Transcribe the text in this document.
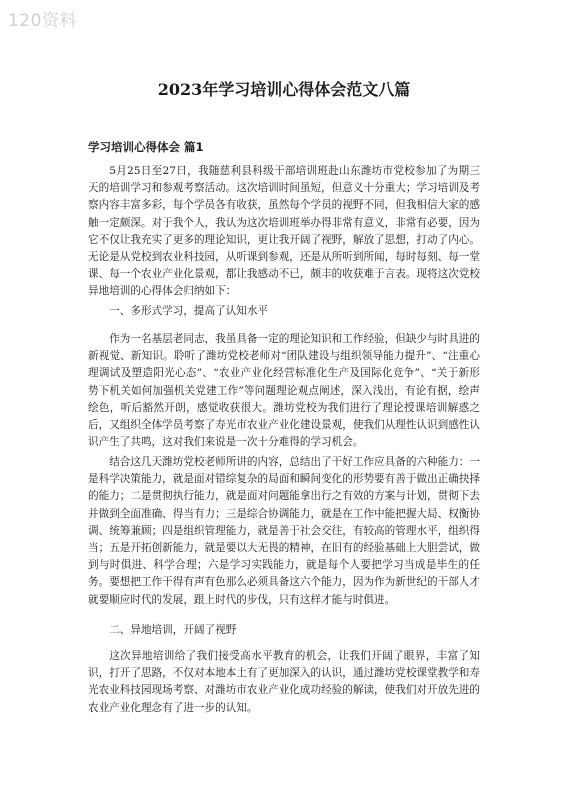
120资料
2023年学习培训心得体会范文八篇
学习培训心得体会 篇1

5月25日至27日，我随慈利县科级干部培训班赴山东潍坊市党校参加了为期三天的培训学习和参观考察活动。这次培训时间虽短，但意义十分重大；学习培训及考察内容丰富多彩，每个学员各有收获，虽然每个学员的视野不同，但我相信大家的感触一定颇深。对于我个人，我认为这次培训班举办得非常有意义，非常有必要，因为它不仅让我充实了更多的理论知识，更让我开阔了视野，解放了思想，打动了内心。无论是从党校到农业科技园，从听课到参观，还是从所听到所闻，每时每刻、每一堂课、每一个农业产业化景观，都让我感动不已，颇丰的收获难于言表。现将这次党校异地培训的心得体会归纳如下：

一、多形式学习，提高了认知水平

作为一名基层老同志，我虽具备一定的理论知识和工作经验，但缺少与时具进的新视觉、新知识。聆听了潍坊党校老师对“团队建设与组织领导能力提升”、“注重心理调试及塑造阳光心态”、“农业产业化经营标准化生产及国际化竞争”、“关于新形势下机关如何加强机关党建工作”等问题理论观点阐述，深入浅出，有论有据，绘声绘色，听后豁然开朗，感觉收获很大。潍坊党校为我们进行了理论授课培训解惑之后，又组织全体学员考察了寿光市农业产业化建设景观，使我们从理性认识到感性认识产生了共鸣，这对我们来说是一次十分难得的学习机会。

结合这几天潍坊党校老师所讲的内容，总结出了干好工作应具备的六种能力：一是科学决策能力，就是面对错综复杂的局面和瞬间变化的形势要有善于做出正确抉择的能力；二是贯彻执行能力，就是面对问题能拿出行之有效的方案与计划，贯彻下去并做到全面准确、得当有力；三是综合协调能力，就是在工作中能把握大局、权衡协调、统筹兼顾；四是组织管理能力，就是善于社会交往，有较高的管理水平，组织得当；五是开拓创新能力，就是要以大无畏的精神，在旧有的经验基础上大胆尝试，做到与时俱进、科学合理；六是学习实践能力，就是每个人要把学习当成是毕生的任务。要想把工作干得有声有色那么必须具备这六个能力，因为作为新世纪的干部人才就要顺应时代的发展，跟上时代的步伐，只有这样才能与时俱进。

二、异地培训，开阔了视野

这次异地培训给了我们接受高水平教育的机会，让我们开阔了眼界，丰富了知识，打开了思路，不仅对本地本土有了更加深入的认识，通过潍坊党校课堂教学和寿光农业科技园现场考察、对潍坊市农业产业化成功经验的解读，使我们对开放先进的农业产业化理念有了进一步的认知。
